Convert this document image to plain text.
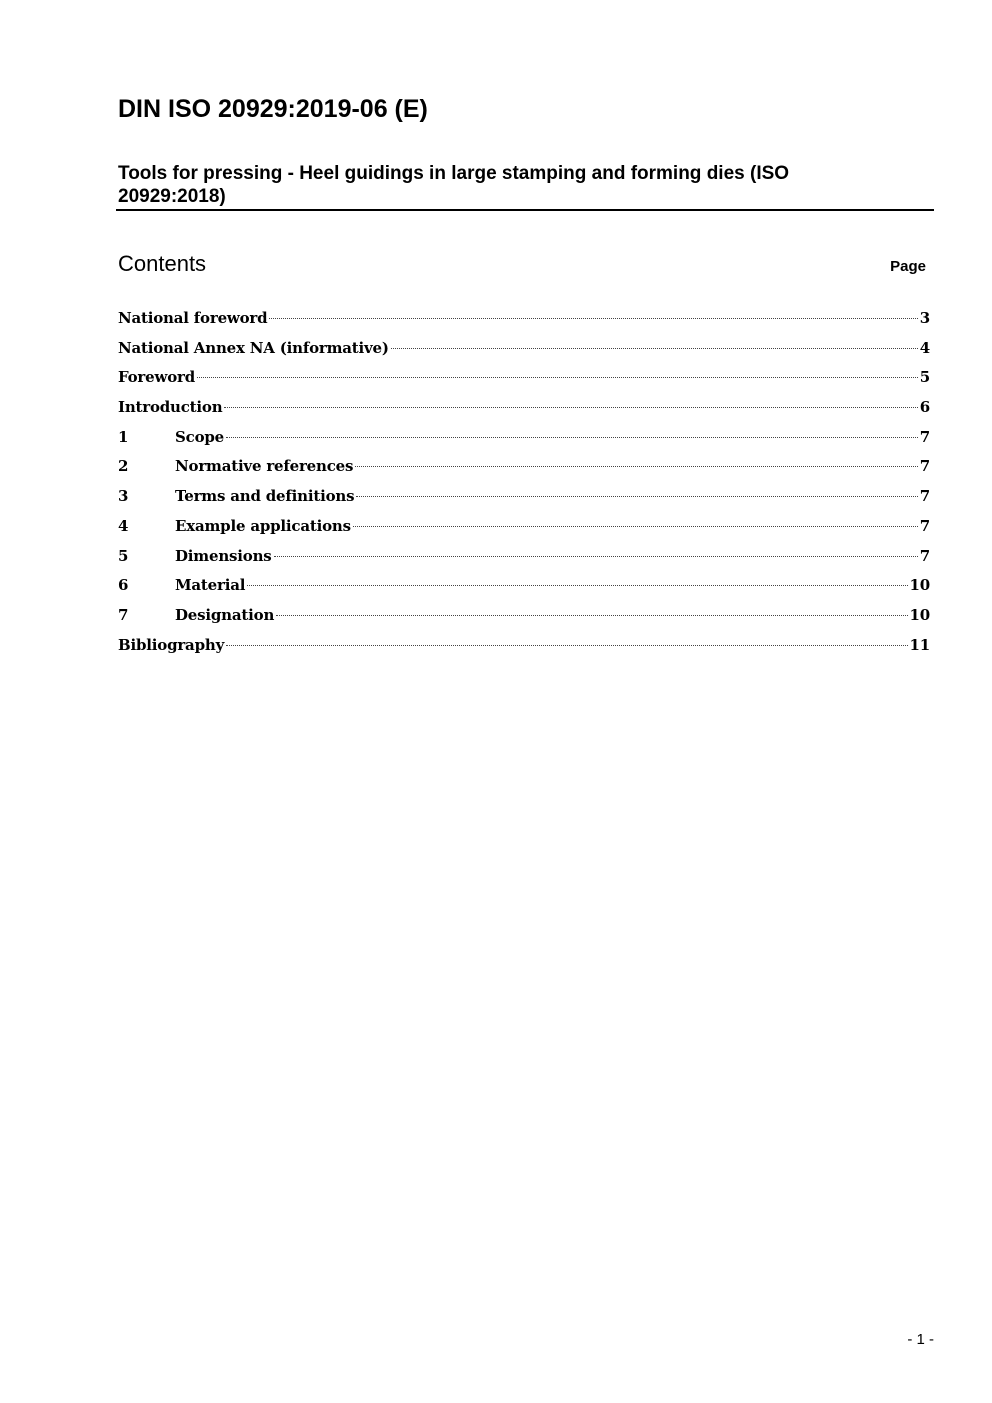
DIN ISO 20929:2019-06 (E)
Tools for pressing - Heel guidings in large stamping and forming dies (ISO 20929:2018)
Contents	Page
National foreword	3
National Annex NA (informative)	4
Foreword	5
Introduction	6
1	Scope	7
2	Normative references	7
3	Terms and definitions	7
4	Example applications	7
5	Dimensions	7
6	Material	10
7	Designation	10
Bibliography	11
- 1 -
